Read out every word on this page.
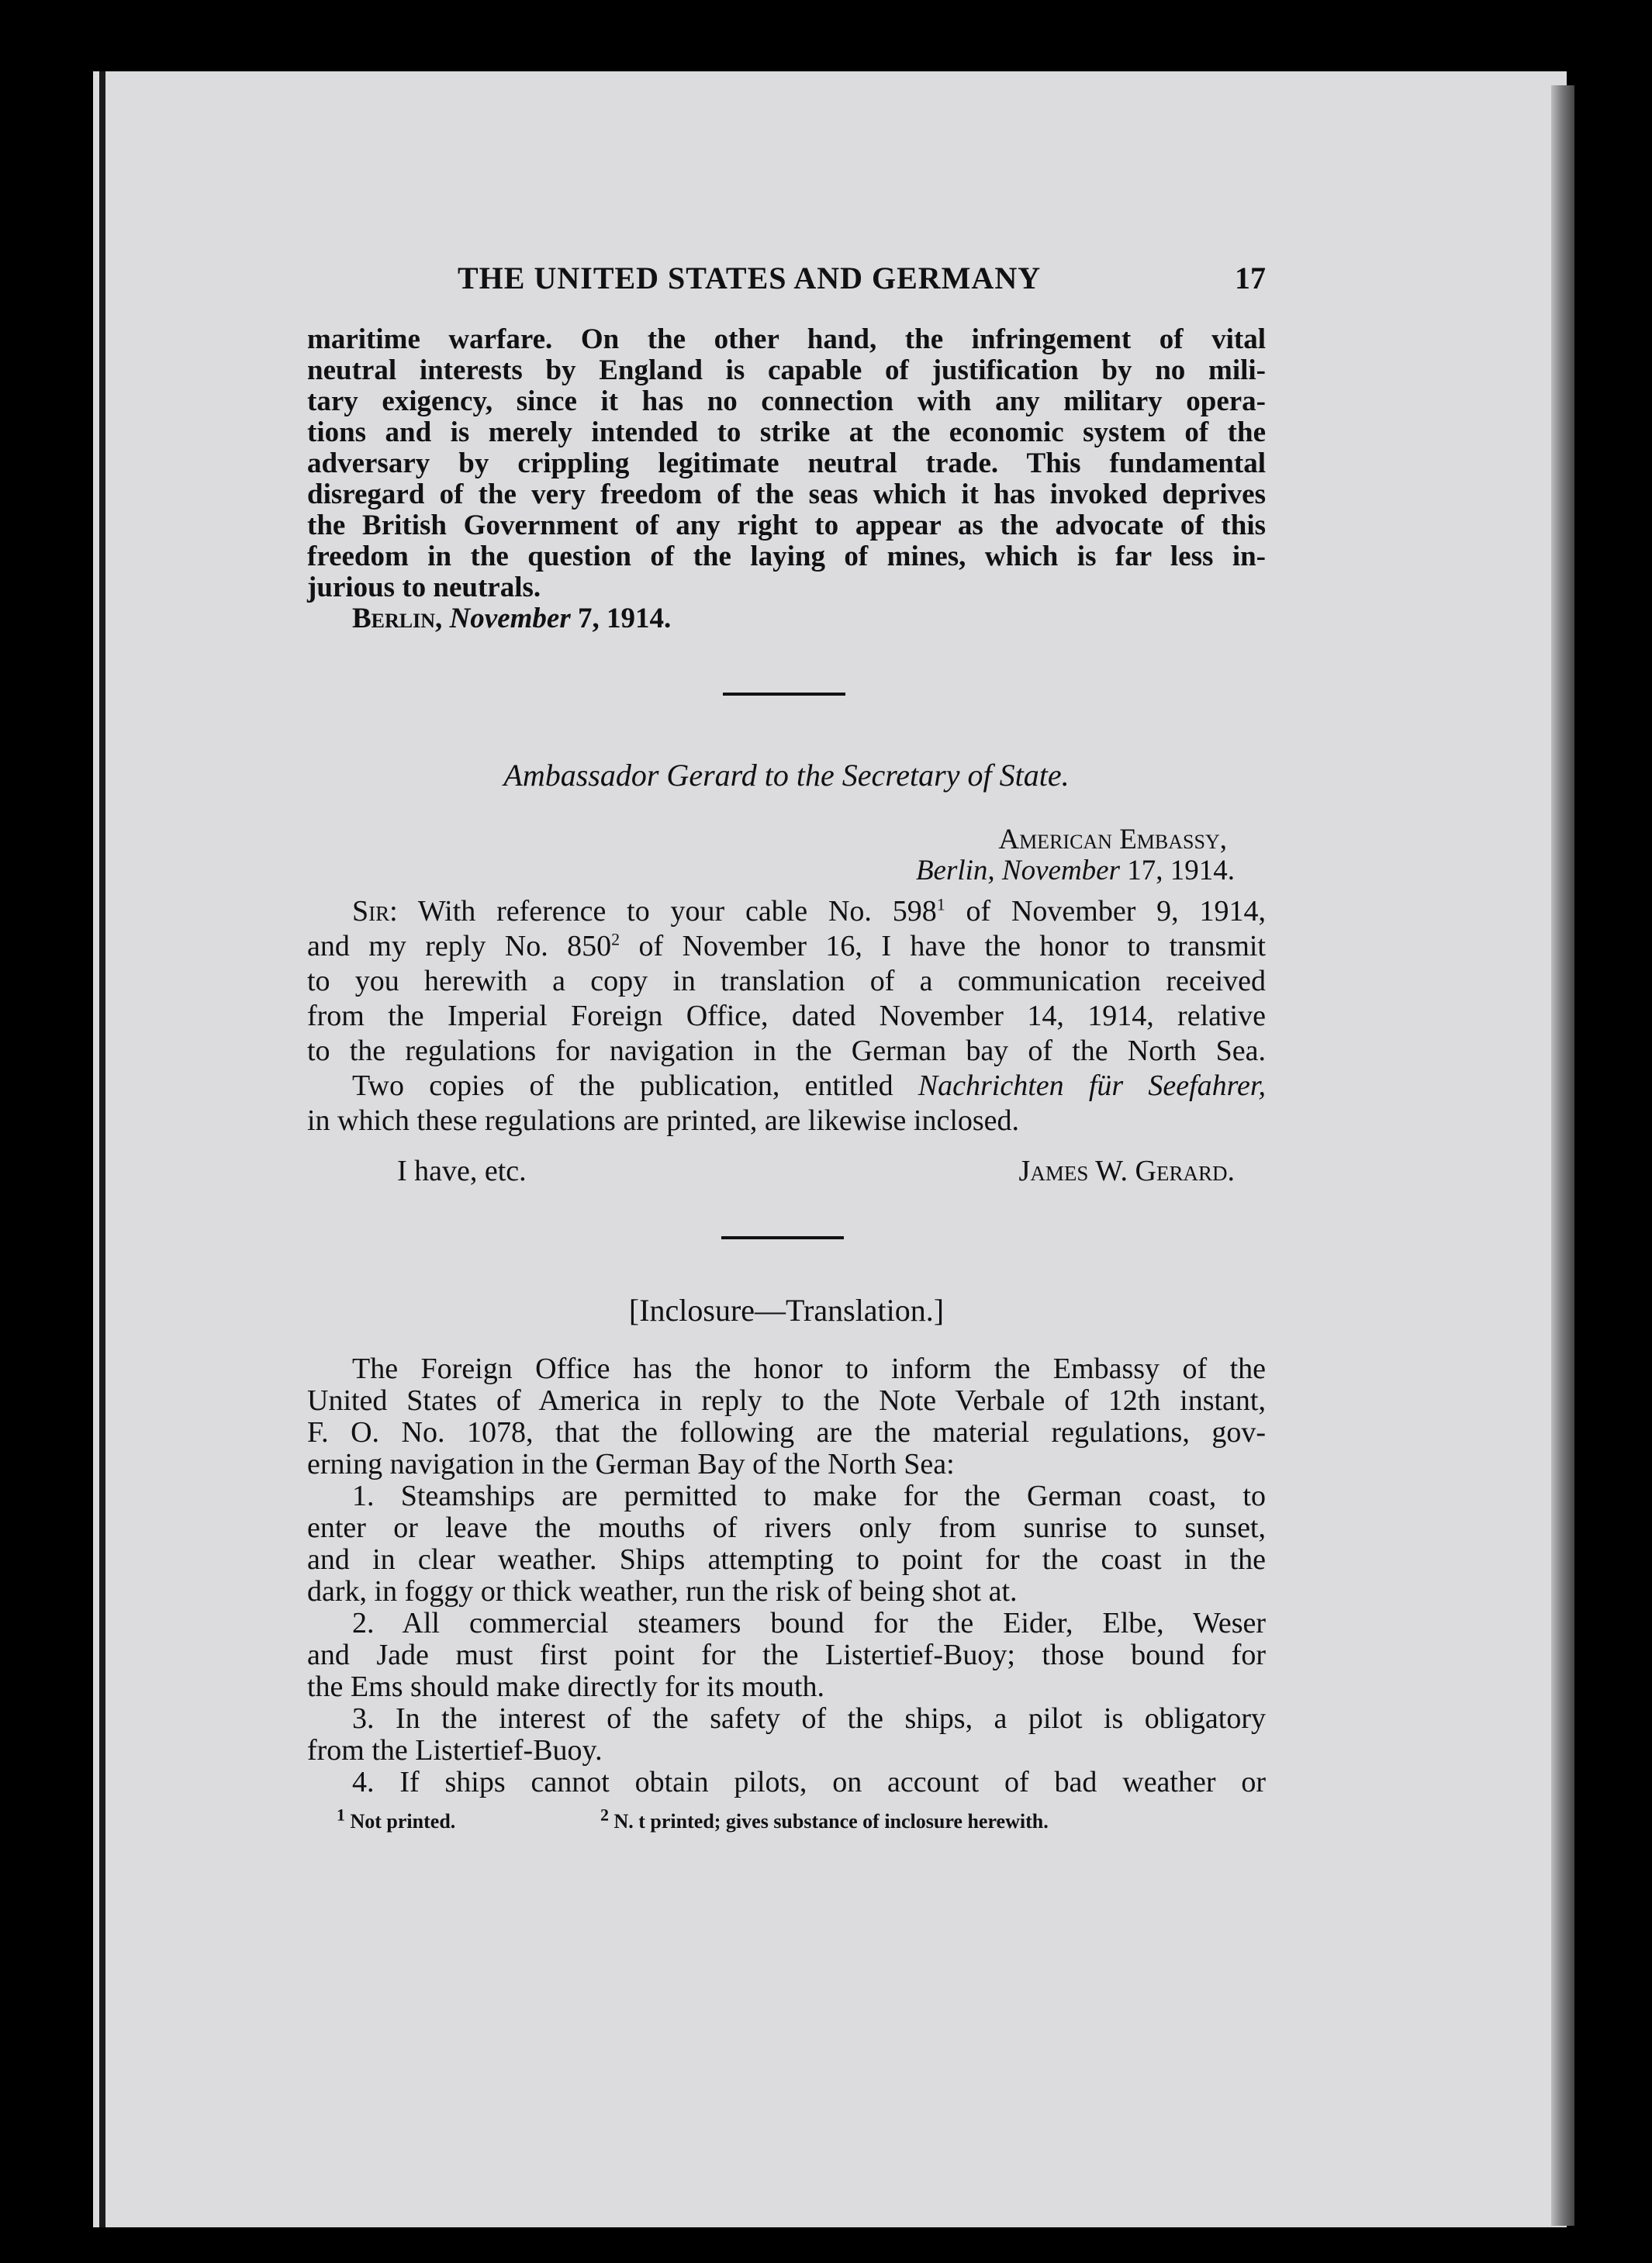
THE UNITED STATES AND GERMANY	17

maritime warfare. On the other hand, the infringement of vital

neutral interests by England is capable of justification by no mili-

tary exigency, since it has no connection with any military opera-

tions and is merely intended to strike at the economic system of the

adversary by crippling legitimate neutral trade. This fundamental

disregard of the very freedom of the seas which it has invoked deprives

the British Government of any right to appear as the advocate of this

freedom in the question of the laying of mines, which is far less in-

jurious to neutrals.

Berlin, November 7, 1914.
Ambassador Gerard to the Secretary of State.
American Embassy,
Berlin, November 17, 1914.

Sir: With reference to your cable No. $598^1$ of November 9, 1914,

and my reply No. $850^2$ of November 16, I have the honor to transmit

to you herewith a copy in translation of a communication received

from the Imperial Foreign Office, dated November 14, 1914, relative

to the regulations for navigation in the German bay of the North Sea.

Two copies of the publication, entitled Nachrichten für Seefahrer,

in which these regulations are printed, are likewise inclosed.

I have, etc.	James W. Gerard.
[Inclosure—Translation.]

The Foreign Office has the honor to inform the Embassy of the

United States of America in reply to the Note Verbale of 12th instant,

F. O. No. 1078, that the following are the material regulations, gov-

erning navigation in the German Bay of the North Sea:

1. Steamships are permitted to make for the German coast, to

enter or leave the mouths of rivers only from sunrise to sunset,

and in clear weather. Ships attempting to point for the coast in the

dark, in foggy or thick weather, run the risk of being shot at.

2. All commercial steamers bound for the Eider, Elbe, Weser

and Jade must first point for the Listertief-Buoy; those bound for

the Ems should make directly for its mouth.

3. In the interest of the safety of the ships, a pilot is obligatory

from the Listertief-Buoy.

4. If ships cannot obtain pilots, on account of bad weather or

$^1$ Not printed.	$^2$ N. t printed; gives substance of inclosure herewith.
